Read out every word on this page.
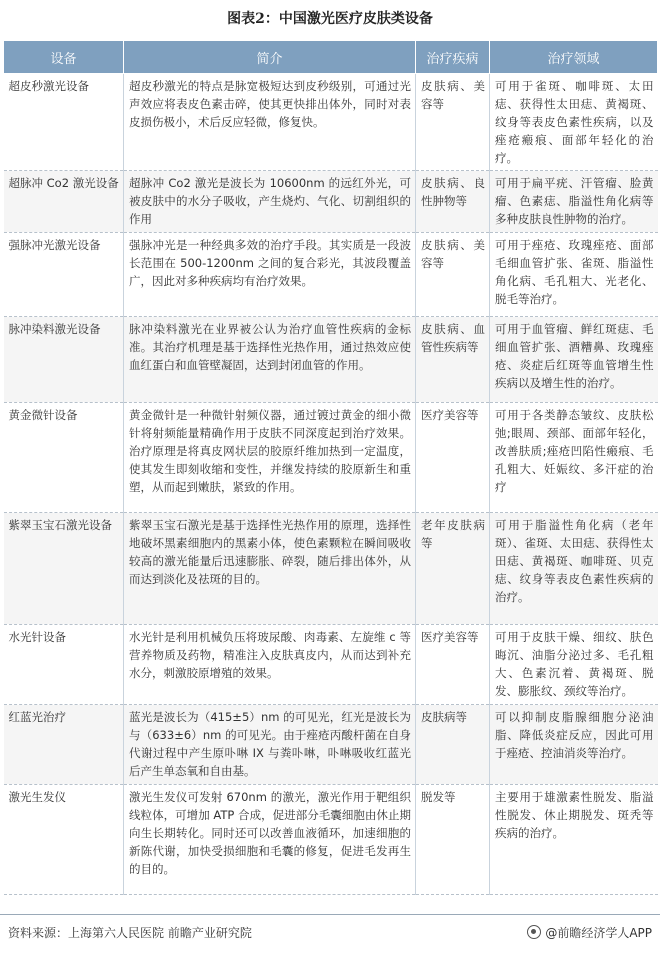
图表2：中国激光医疗皮肤类设备
设备	简介	治疗疾病	治疗领域
超皮秒激光设备	超皮秒激光的特点是脉宽极短达到皮秒级别，可通过光声效应将表皮色素击碎，使其更快排出体外，同时对表皮损伤极小，术后反应轻微，修复快。	皮肤病、美容等	可用于雀斑、咖啡斑、太田痣、获得性太田痣、黄褐斑、纹身等表皮色素性疾病，以及痤疮瘢痕、面部年轻化的治疗。
超脉冲 Co2 激光设备	超脉冲 Co2 激光是波长为 10600nm 的远红外光，可被皮肤中的水分子吸收，产生烧灼、气化、切割组织的作用	皮肤病、良性肿物等	可用于扁平疣、汗管瘤、脸黄瘤、色素痣、脂溢性角化病等多种皮肤良性肿物的治疗。
强脉冲光激光设备	强脉冲光是一种经典多效的治疗手段。其实质是一段波长范围在 500-1200nm 之间的复合彩光，其波段覆盖广，因此对多种疾病均有治疗效果。	皮肤病、美容等	可用于痤疮、玫瑰痤疮、面部毛细血管扩张、雀斑、脂溢性角化病、毛孔粗大、光老化、脱毛等治疗。
脉冲染料激光设备	脉冲染料激光在业界被公认为治疗血管性疾病的金标准。其治疗机理是基于选择性光热作用，通过热效应使血红蛋白和血管壁凝固，达到封闭血管的作用。	皮肤病、血管性疾病等	可用于血管瘤、鲜红斑痣、毛细血管扩张、酒糟鼻、玫瑰痤疮、炎症后红斑等血管增生性疾病以及增生性的治疗。
黄金微针设备	黄金微针是一种微针射频仪器，通过镀过黄金的细小微针将射频能量精确作用于皮肤不同深度起到治疗效果。治疗原理是将真皮网状层的胶原纤维加热到一定温度，使其发生即刻收缩和变性，并继发持续的胶原新生和重塑，从而起到嫩肤，紧致的作用。	医疗美容等	可用于各类静态皱纹、皮肤松弛;眼周、颈部、面部年轻化，改善肤质;痤疮凹陷性瘢痕、毛孔粗大、妊娠纹、多汗症的治疗
紫翠玉宝石激光设备	紫翠玉宝石激光是基于选择性光热作用的原理，选择性地破坏黑素细胞内的黑素小体，使色素颗粒在瞬间吸收较高的激光能量后迅速膨胀、碎裂，随后排出体外，从而达到淡化及祛斑的目的。	老年皮肤病等	可用于脂溢性角化病（老年斑）、雀斑、太田痣、获得性太田痣、黄褐斑、咖啡斑、贝克痣、纹身等表皮色素性疾病的治疗。
水光针设备	水光针是利用机械负压将玻尿酸、肉毒素、左旋维 c 等营养物质及药物，精准注入皮肤真皮内，从而达到补充水分，刺激胶原增殖的效果。	医疗美容等	可用于皮肤干燥、细纹、肤色晦沉、油脂分泌过多、毛孔粗大、色素沉着、黄褐斑、脱发、膨胀纹、颈纹等治疗。
红蓝光治疗	蓝光是波长为（415±5）nm 的可见光，红光是波长为与（633±6）nm 的可见光。由于痤疮丙酸杆菌在自身代谢过程中产生原卟啉 IX 与粪卟啉，卟啉吸收红蓝光后产生单态氧和自由基。	皮肤病等	可以抑制皮脂腺细胞分泌油脂、降低炎症反应，因此可用于痤疮、控油消炎等治疗。
激光生发仪	激光生发仪可发射 670nm 的激光，激光作用于靶组织线粒体，可增加 ATP 合成，促进部分毛囊细胞由休止期向生长期转化。同时还可以改善血液循环，加速细胞的新陈代谢，加快受损细胞和毛囊的修复，促进毛发再生的目的。	脱发等	主要用于雄激素性脱发、脂溢性脱发、休止期脱发、斑秃等疾病的治疗。
资料来源：上海第六人民医院 前瞻产业研究院	@前瞻经济学人APP
